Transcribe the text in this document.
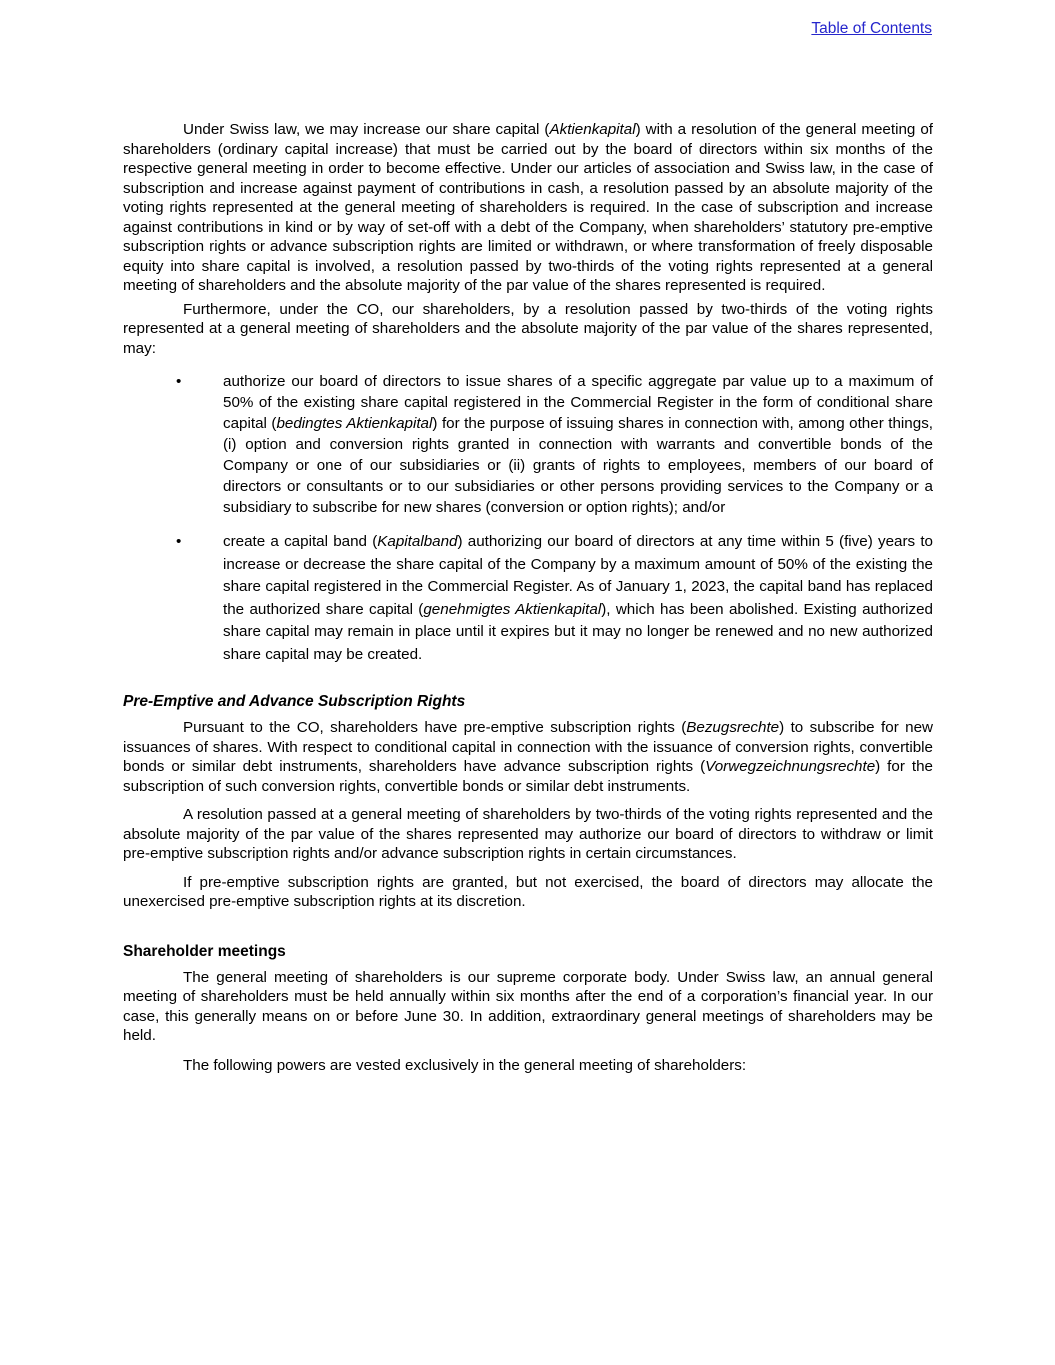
Table of Contents

Under Swiss law, we may increase our share capital (Aktienkapital) with a resolution of the general meeting of shareholders (ordinary capital increase) that must be carried out by the board of directors within six months of the respective general meeting in order to become effective. Under our articles of association and Swiss law, in the case of subscription and increase against payment of contributions in cash, a resolution passed by an absolute majority of the voting rights represented at the general meeting of shareholders is required. In the case of subscription and increase against contributions in kind or by way of set-off with a debt of the Company, when shareholders’ statutory pre-emptive subscription rights or advance subscription rights are limited or withdrawn, or where transformation of freely disposable equity into share capital is involved, a resolution passed by two-thirds of the voting rights represented at a general meeting of shareholders and the absolute majority of the par value of the shares represented is required.

Furthermore, under the CO, our shareholders, by a resolution passed by two-thirds of the voting rights represented at a general meeting of shareholders and the absolute majority of the par value of the shares represented, may:

•	authorize our board of directors to issue shares of a specific aggregate par value up to a maximum of 50% of the existing share capital registered in the Commercial Register in the form of conditional share capital (bedingtes Aktienkapital) for the purpose of issuing shares in connection with, among other things, (i) option and conversion rights granted in connection with warrants and convertible bonds of the Company or one of our subsidiaries or (ii) grants of rights to employees, members of our board of directors or consultants or to our subsidiaries or other persons providing services to the Company or a subsidiary to subscribe for new shares (conversion or option rights); and/or
•	create a capital band (Kapitalband) authorizing our board of directors at any time within 5 (five) years to increase or decrease the share capital of the Company by a maximum amount of 50% of the existing the share capital registered in the Commercial Register. As of January 1, 2023, the capital band has replaced the authorized share capital (genehmigtes Aktienkapital), which has been abolished. Existing authorized share capital may remain in place until it expires but it may no longer be renewed and no new authorized share capital may be created.
Pre-Emptive and Advance Subscription Rights

Pursuant to the CO, shareholders have pre-emptive subscription rights (Bezugsrechte) to subscribe for new issuances of shares. With respect to conditional capital in connection with the issuance of conversion rights, convertible bonds or similar debt instruments, shareholders have advance subscription rights (Vorwegzeichnungsrechte) for the subscription of such conversion rights, convertible bonds or similar debt instruments.

A resolution passed at a general meeting of shareholders by two-thirds of the voting rights represented and the absolute majority of the par value of the shares represented may authorize our board of directors to withdraw or limit pre-emptive subscription rights and/or advance subscription rights in certain circumstances.

If pre-emptive subscription rights are granted, but not exercised, the board of directors may allocate the unexercised pre-emptive subscription rights at its discretion.

Shareholder meetings

The general meeting of shareholders is our supreme corporate body. Under Swiss law, an annual general meeting of shareholders must be held annually within six months after the end of a corporation’s financial year. In our case, this generally means on or before June 30. In addition, extraordinary general meetings of shareholders may be held.

The following powers are vested exclusively in the general meeting of shareholders:
